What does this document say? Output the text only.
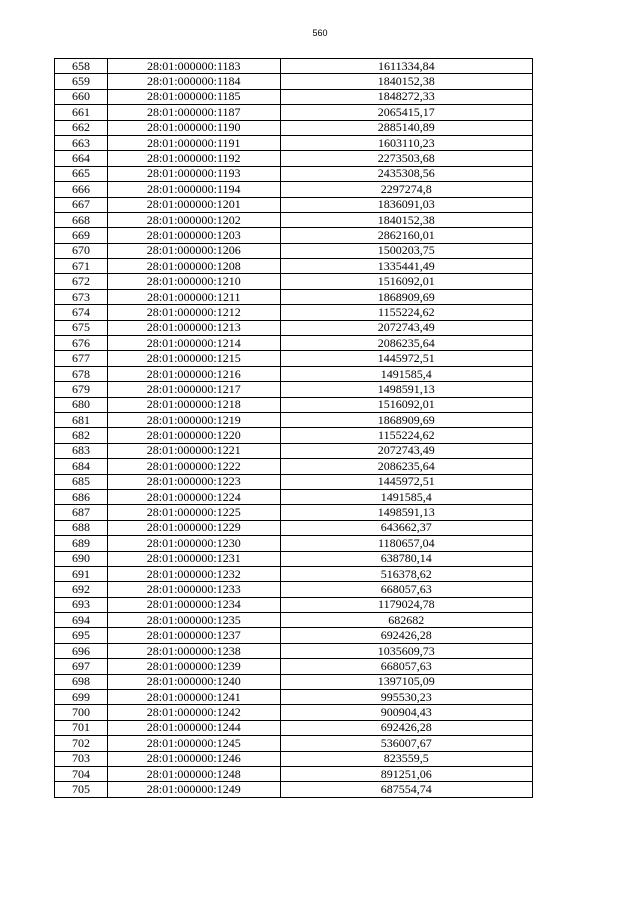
560
658	28:01:000000:1183	1611334,84
659	28:01:000000:1184	1840152,38
660	28:01:000000:1185	1848272,33
661	28:01:000000:1187	2065415,17
662	28:01:000000:1190	2885140,89
663	28:01:000000:1191	1603110,23
664	28:01:000000:1192	2273503,68
665	28:01:000000:1193	2435308,56
666	28:01:000000:1194	2297274,8
667	28:01:000000:1201	1836091,03
668	28:01:000000:1202	1840152,38
669	28:01:000000:1203	2862160,01
670	28:01:000000:1206	1500203,75
671	28:01:000000:1208	1335441,49
672	28:01:000000:1210	1516092,01
673	28:01:000000:1211	1868909,69
674	28:01:000000:1212	1155224,62
675	28:01:000000:1213	2072743,49
676	28:01:000000:1214	2086235,64
677	28:01:000000:1215	1445972,51
678	28:01:000000:1216	1491585,4
679	28:01:000000:1217	1498591,13
680	28:01:000000:1218	1516092,01
681	28:01:000000:1219	1868909,69
682	28:01:000000:1220	1155224,62
683	28:01:000000:1221	2072743,49
684	28:01:000000:1222	2086235,64
685	28:01:000000:1223	1445972,51
686	28:01:000000:1224	1491585,4
687	28:01:000000:1225	1498591,13
688	28:01:000000:1229	643662,37
689	28:01:000000:1230	1180657,04
690	28:01:000000:1231	638780,14
691	28:01:000000:1232	516378,62
692	28:01:000000:1233	668057,63
693	28:01:000000:1234	1179024,78
694	28:01:000000:1235	682682
695	28:01:000000:1237	692426,28
696	28:01:000000:1238	1035609,73
697	28:01:000000:1239	668057,63
698	28:01:000000:1240	1397105,09
699	28:01:000000:1241	995530,23
700	28:01:000000:1242	900904,43
701	28:01:000000:1244	692426,28
702	28:01:000000:1245	536007,67
703	28:01:000000:1246	823559,5
704	28:01:000000:1248	891251,06
705	28:01:000000:1249	687554,74
